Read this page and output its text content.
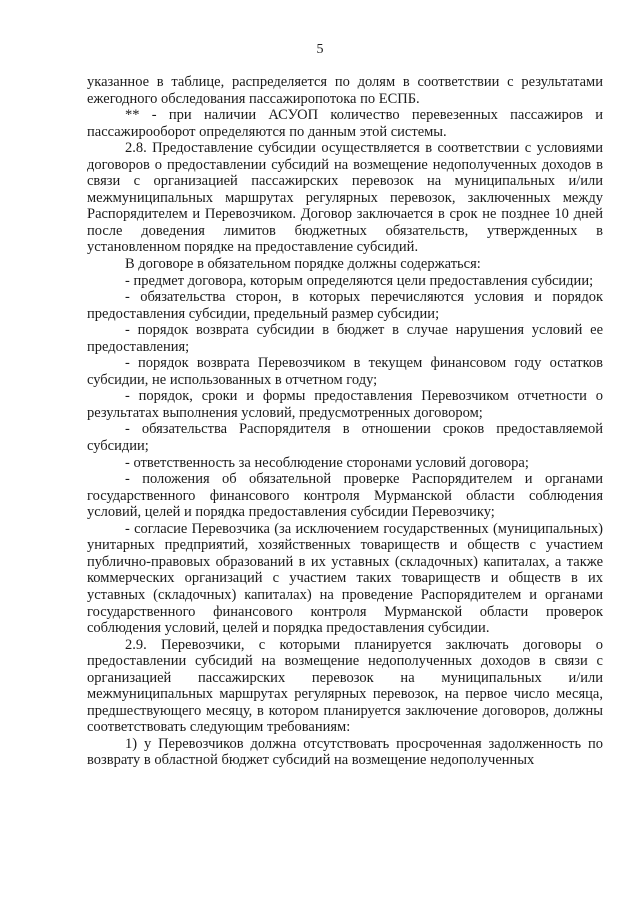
5

указанное в таблице, распределяется по долям в соответствии с результатами ежегодного обследования пассажиропотока по ЕСПБ.

** - при наличии АСУОП количество перевезенных пассажиров и пассажирооборот определяются по данным этой системы.

2.8. Предоставление субсидии осуществляется в соответствии с условиями договоров о предоставлении субсидий на возмещение недополученных доходов в связи с организацией пассажирских перевозок на муниципальных и/или межмуниципальных маршрутах регулярных перевозок, заключенных между Распорядителем и Перевозчиком. Договор заключается в срок не позднее 10 дней после доведения лимитов бюджетных обязательств, утвержденных в установленном порядке на предоставление субсидий.

В договоре в обязательном порядке должны содержаться:

- предмет договора, которым определяются цели предоставления субсидии;

- обязательства сторон, в которых перечисляются условия и порядок предоставления субсидии, предельный размер субсидии;

- порядок возврата субсидии в бюджет в случае нарушения условий ее предоставления;

- порядок возврата Перевозчиком в текущем финансовом году остатков субсидии, не использованных в отчетном году;

- порядок, сроки и формы предоставления Перевозчиком отчетности о результатах выполнения условий, предусмотренных договором;

- обязательства Распорядителя в отношении сроков предоставляемой субсидии;

- ответственность за несоблюдение сторонами условий договора;

- положения об обязательной проверке Распорядителем и органами государственного финансового контроля Мурманской области соблюдения условий, целей и порядка предоставления субсидии Перевозчику;

- согласие Перевозчика (за исключением государственных (муниципальных) унитарных предприятий, хозяйственных товариществ и обществ с участием публично-правовых образований в их уставных (складочных) капиталах, а также коммерческих организаций с участием таких товариществ и обществ в их уставных (складочных) капиталах) на проведение Распорядителем и органами государственного финансового контроля Мурманской области проверок соблюдения условий, целей и порядка предоставления субсидии.

2.9. Перевозчики, с которыми планируется заключать договоры о предоставлении субсидий на возмещение недополученных доходов в связи с организацией пассажирских перевозок на муниципальных и/или межмуниципальных маршрутах регулярных перевозок, на первое число месяца, предшествующего месяцу, в котором планируется заключение договоров, должны соответствовать следующим требованиям:

1) у Перевозчиков должна отсутствовать просроченная задолженность по возврату в областной бюджет субсидий на возмещение недополученных
